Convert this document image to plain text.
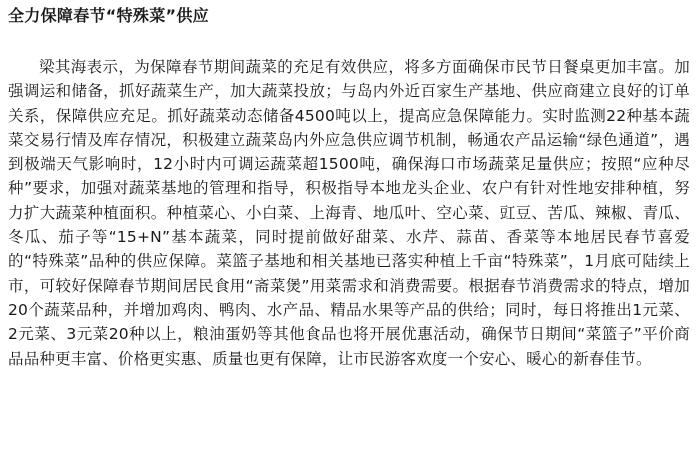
全力保障春节“特殊菜”供应

梁其海表示，为保障春节期间蔬菜的充足有效供应，将多方面确保市民节日餐桌更加丰富。加强调运和储备，抓好蔬菜生产，加大蔬菜投放；与岛内外近百家生产基地、供应商建立良好的订单关系，保障供应充足。抓好蔬菜动态储备4500吨以上，提高应急保障能力。实时监测22种基本蔬菜交易行情及库存情况，积极建立蔬菜岛内外应急供应调节机制，畅通农产品运输“绿色通道”，遇到极端天气影响时，12小时内可调运蔬菜超1500吨，确保海口市场蔬菜足量供应；按照“应种尽种”要求，加强对蔬菜基地的管理和指导，积极指导本地龙头企业、农户有针对性地安排种植，努力扩大蔬菜种植面积。种植菜心、小白菜、上海青、地瓜叶、空心菜、豇豆、苦瓜、辣椒、青瓜、冬瓜、茄子等“15+N”基本蔬菜，同时提前做好甜菜、水芹、蒜苗、香菜等本地居民春节喜爱的“特殊菜”品种的供应保障。菜篮子基地和相关基地已落实种植上千亩“特殊菜”，1月底可陆续上市，可较好保障春节期间居民食用“斋菜煲”用菜需求和消费需要。根据春节消费需求的特点，增加20个蔬菜品种，并增加鸡肉、鸭肉、水产品、精品水果等产品的供给；同时，每日将推出1元菜、2元菜、3元菜20种以上，粮油蛋奶等其他食品也将开展优惠活动，确保节日期间“菜篮子”平价商品品种更丰富、价格更实惠、质量也更有保障，让市民游客欢度一个安心、暖心的新春佳节。
